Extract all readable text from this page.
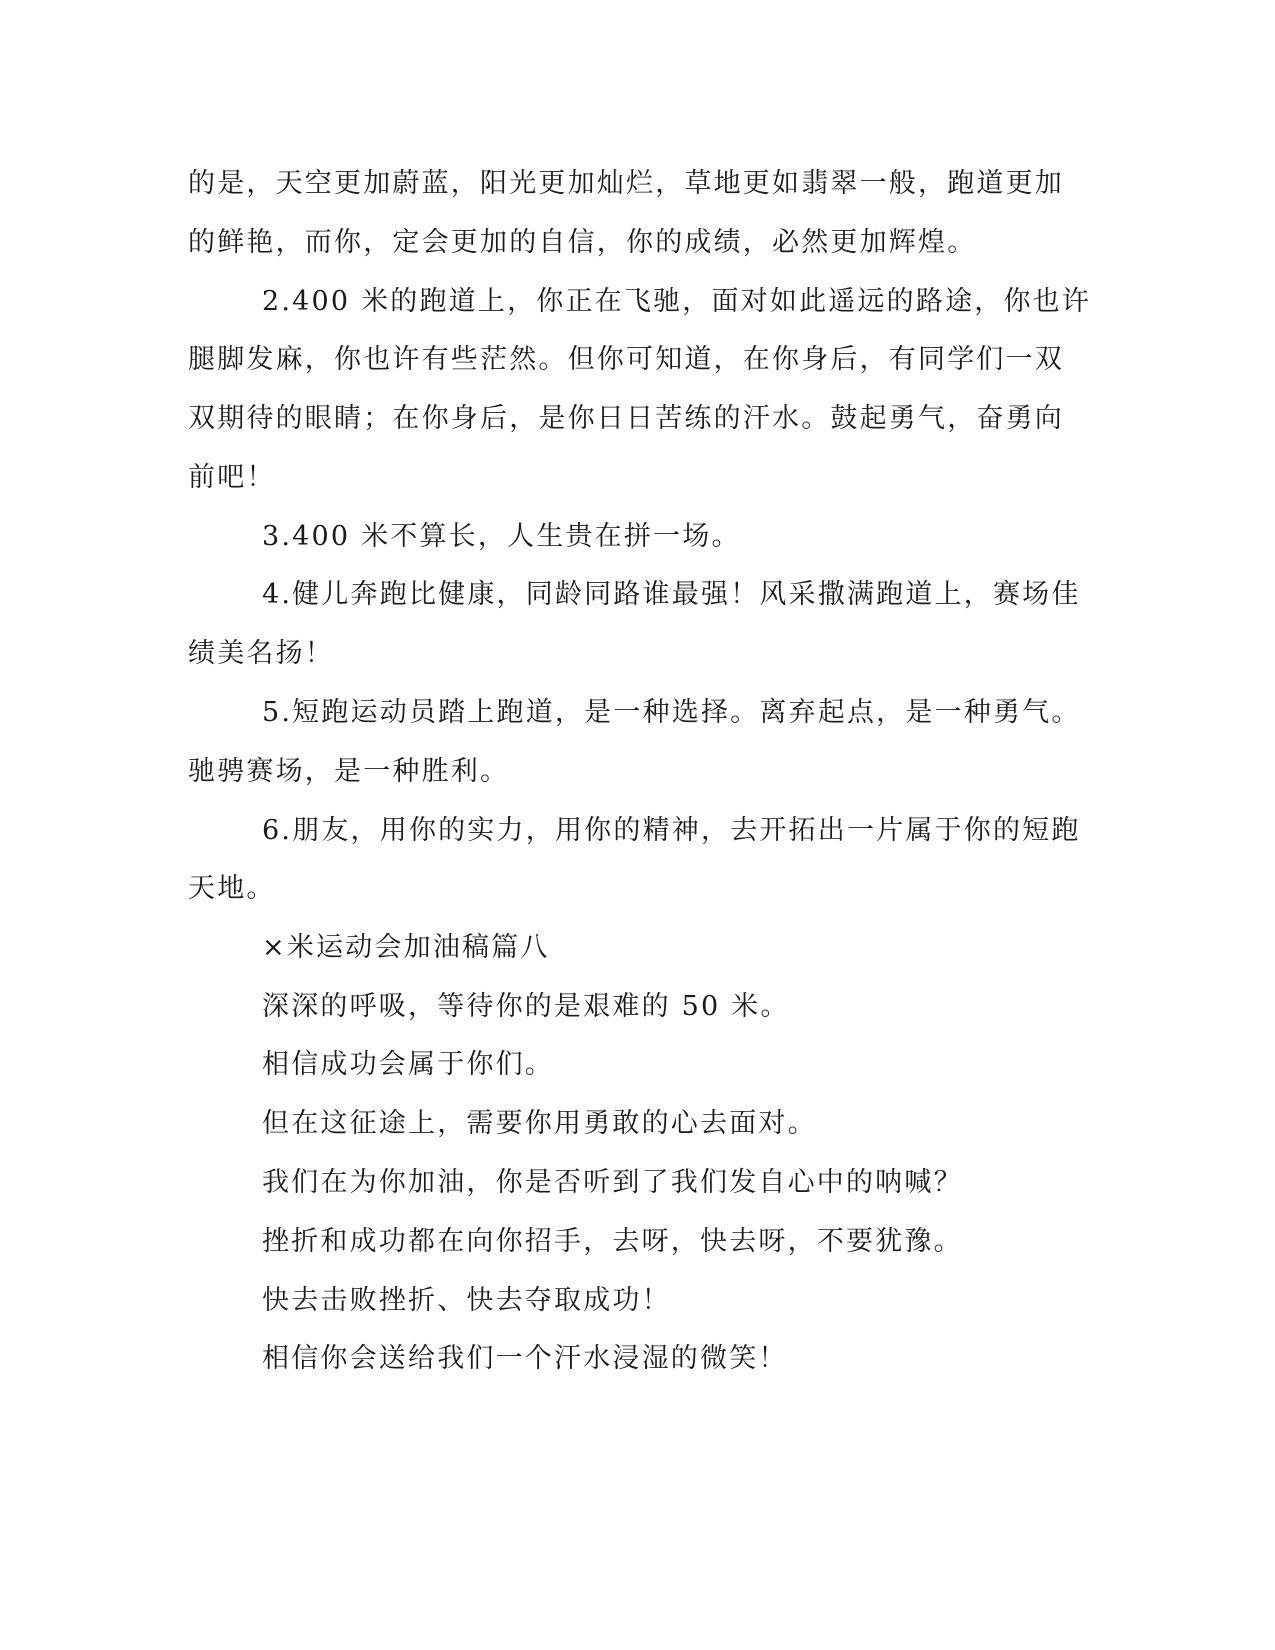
的是，天空更加蔚蓝，阳光更加灿烂，草地更如翡翠一般，跑道更加
的鲜艳，而你，定会更加的自信，你的成绩，必然更加辉煌。
2.400 米的跑道上，你正在飞驰，面对如此遥远的路途，你也许
腿脚发麻，你也许有些茫然。但你可知道，在你身后，有同学们一双
双期待的眼睛；在你身后，是你日日苦练的汗水。鼓起勇气，奋勇向
前吧！
3.400 米不算长，人生贵在拼一场。
4.健儿奔跑比健康，同龄同路谁最强！风采撒满跑道上，赛场佳
绩美名扬！
5.短跑运动员踏上跑道，是一种选择。离弃起点，是一种勇气。
驰骋赛场，是一种胜利。
6.朋友，用你的实力，用你的精神，去开拓出一片属于你的短跑
天地。
×米运动会加油稿篇八
深深的呼吸，等待你的是艰难的 50 米。
相信成功会属于你们。
但在这征途上，需要你用勇敢的心去面对。
我们在为你加油，你是否听到了我们发自心中的呐喊？
挫折和成功都在向你招手，去呀，快去呀，不要犹豫。
快去击败挫折、快去夺取成功！
相信你会送给我们一个汗水浸湿的微笑！
